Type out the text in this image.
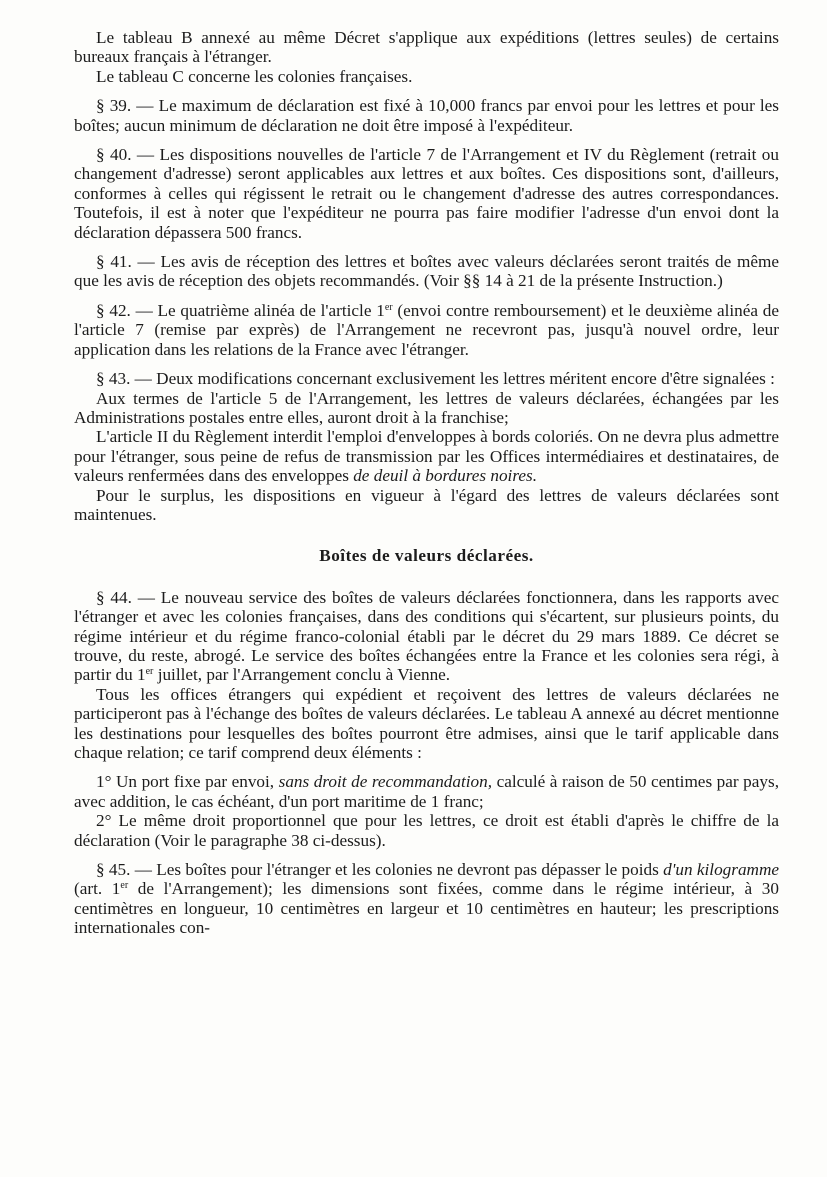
Le tableau B annexé au même Décret s'applique aux expéditions (lettres seules) de certains bureaux français à l'étranger.

Le tableau C concerne les colonies françaises.

§ 39. — Le maximum de déclaration est fixé à 10,000 francs par envoi pour les lettres et pour les boîtes; aucun minimum de déclaration ne doit être imposé à l'expéditeur.

§ 40. — Les dispositions nouvelles de l'article 7 de l'Arrangement et IV du Règlement (retrait ou changement d'adresse) seront applicables aux lettres et aux boîtes. Ces dispositions sont, d'ailleurs, conformes à celles qui régissent le retrait ou le changement d'adresse des autres correspondances. Toutefois, il est à noter que l'expéditeur ne pourra pas faire modifier l'adresse d'un envoi dont la déclaration dépassera 500 francs.

§ 41. — Les avis de réception des lettres et boîtes avec valeurs déclarées seront traités de même que les avis de réception des objets recommandés. (Voir §§ 14 à 21 de la présente Instruction.)

§ 42. — Le quatrième alinéa de l'article 1er (envoi contre remboursement) et le deuxième alinéa de l'article 7 (remise par exprès) de l'Arrangement ne recevront pas, jusqu'à nouvel ordre, leur application dans les relations de la France avec l'étranger.

§ 43. — Deux modifications concernant exclusivement les lettres méritent encore d'être signalées :

Aux termes de l'article 5 de l'Arrangement, les lettres de valeurs déclarées, échangées par les Administrations postales entre elles, auront droit à la franchise;

L'article II du Règlement interdit l'emploi d'enveloppes à bords coloriés. On ne devra plus admettre pour l'étranger, sous peine de refus de transmission par les Offices intermédiaires et destinataires, de valeurs renfermées dans des enveloppes de deuil à bordures noires.

Pour le surplus, les dispositions en vigueur à l'égard des lettres de valeurs déclarées sont maintenues.

Boîtes de valeurs déclarées.

§ 44. — Le nouveau service des boîtes de valeurs déclarées fonctionnera, dans les rapports avec l'étranger et avec les colonies françaises, dans des conditions qui s'écartent, sur plusieurs points, du régime intérieur et du régime franco-colonial établi par le décret du 29 mars 1889. Ce décret se trouve, du reste, abrogé. Le service des boîtes échangées entre la France et les colonies sera régi, à partir du 1er juillet, par l'Arrangement conclu à Vienne.

Tous les offices étrangers qui expédient et reçoivent des lettres de valeurs déclarées ne participeront pas à l'échange des boîtes de valeurs déclarées. Le tableau A annexé au décret mentionne les destinations pour lesquelles des boîtes pourront être admises, ainsi que le tarif applicable dans chaque relation; ce tarif comprend deux éléments :

1° Un port fixe par envoi, sans droit de recommandation, calculé à raison de 50 centimes par pays, avec addition, le cas échéant, d'un port maritime de 1 franc;

2° Le même droit proportionnel que pour les lettres, ce droit est établi d'après le chiffre de la déclaration (Voir le paragraphe 38 ci-dessus).

§ 45. — Les boîtes pour l'étranger et les colonies ne devront pas dépasser le poids d'un kilogramme (art. 1er de l'Arrangement); les dimensions sont fixées, comme dans le régime intérieur, à 30 centimètres en longueur, 10 centimètres en largeur et 10 centimètres en hauteur; les prescriptions internationales con-
